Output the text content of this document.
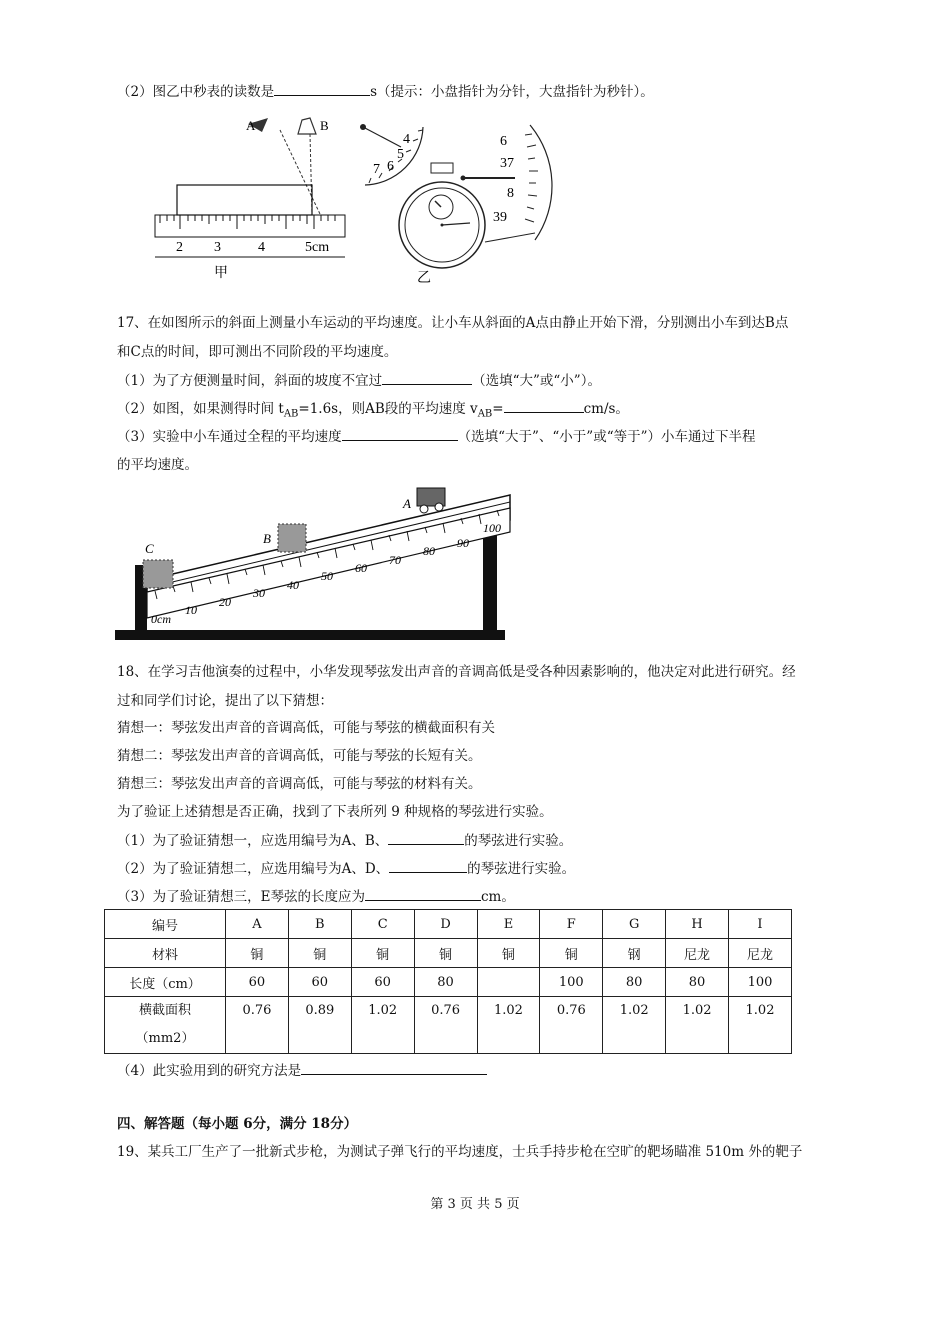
（2）图乙中秒表的读数是	s（提示：小盘指针为分针，大盘指针为秒针）。
A	B
2 3	4	5cm
甲
4
5
6
7
6
37
8
39
乙
17、在如图所示的斜面上测量小车运动的平均速度。让小车从斜面的A点由静止开始下滑，分别测出小车到达B点
和C点的时间，即可测出不同阶段的平均速度。
（1）为了方便测量时间，斜面的坡度不宜过	（选填“大”或“小”）。
（2）如图，如果测得时间 $t_{AB}=1.6s$，则AB段的平均速度 $v_{AB}=$	cm/s。
（3）实验中小车通过全程的平均速度	（选填“大于”、“小于”或“等于”）小车通过下半程
的平均速度。
0cm
10
20
30
40
50
60
70
80
90
100
A
B
C
18、在学习吉他演奏的过程中，小华发现琴弦发出声音的音调高低是受各种因素影响的，他决定对此进行研究。经
过和同学们讨论，提出了以下猜想：
猜想一：琴弦发出声音的音调高低，可能与琴弦的横截面积有关
猜想二：琴弦发出声音的音调高低，可能与琴弦的长短有关。
猜想三：琴弦发出声音的音调高低，可能与琴弦的材料有关。
为了验证上述猜想是否正确，找到了下表所列 9 种规格的琴弦进行实验。
（1）为了验证猜想一，应选用编号为A、B、	的琴弦进行实验。
（2）为了验证猜想二，应选用编号为A、D、	的琴弦进行实验。
（3）为了验证猜想三，E琴弦的长度应为	cm。
编号	A	B	C	D	E	F	G	H	I
材料	铜	铜	铜	铜	铜	铜	钢	尼龙	尼龙
长度（cm）	60	60	60	80		100	80	80	100
横截面积
（mm2）	0.76	0.89	1.02	0.76	1.02	0.76	1.02	1.02	1.02
（4）此实验用到的研究方法是
四、解答题（每小题 6分，满分 18分）
19、某兵工厂生产了一批新式步枪，为测试子弹飞行的平均速度，士兵手持步枪在空旷的靶场瞄准 510m 外的靶子
第 3 页 共 5 页
